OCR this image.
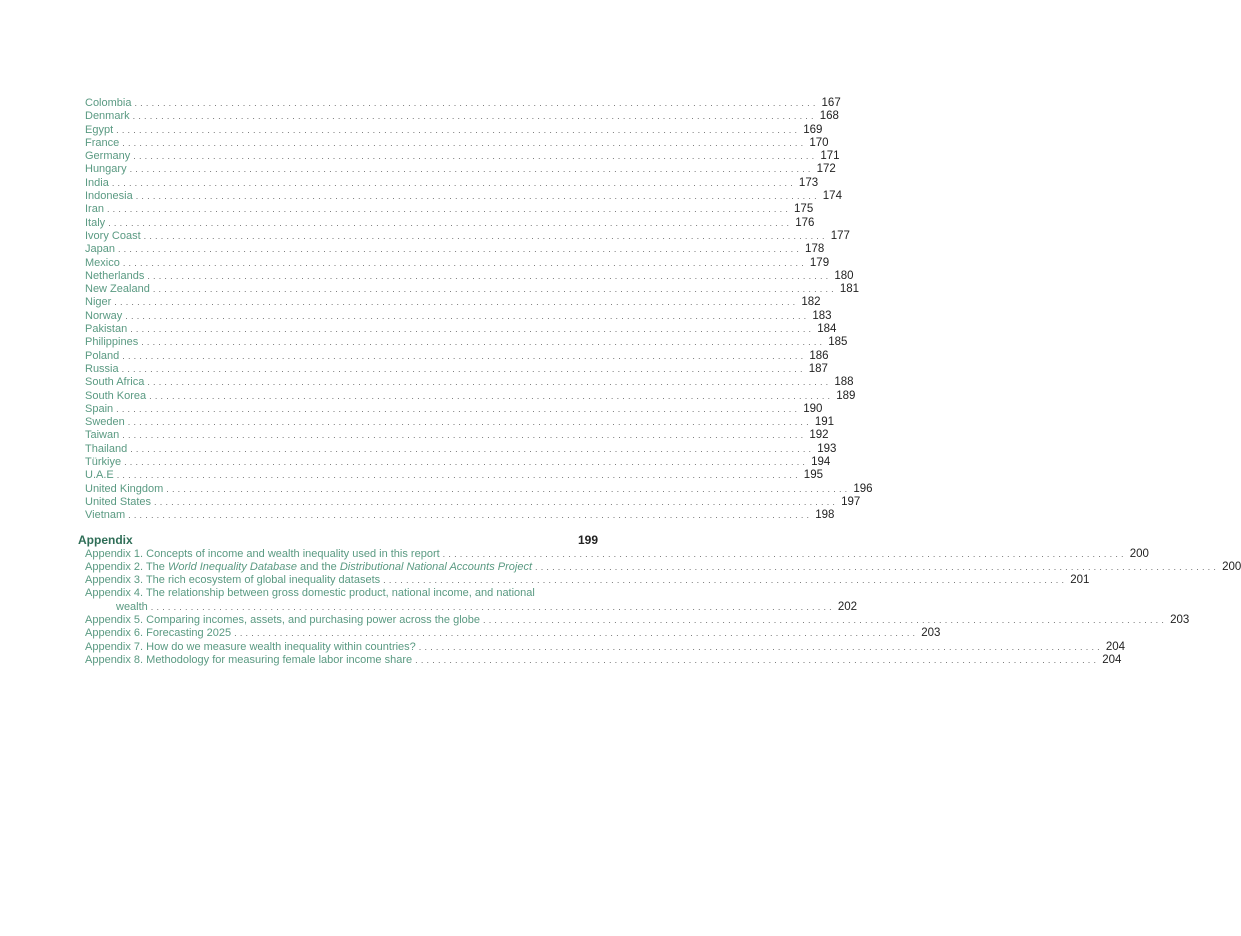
Colombia ........................................................................................................................ 167
Denmark ........................................................................................................................ 168
Egypt ........................................................................................................................ 169
France ........................................................................................................................ 170
Germany ........................................................................................................................ 171
Hungary ........................................................................................................................ 172
India ........................................................................................................................ 173
Indonesia ........................................................................................................................ 174
Iran ........................................................................................................................ 175
Italy ........................................................................................................................ 176
Ivory Coast ........................................................................................................................ 177
Japan ........................................................................................................................ 178
Mexico ........................................................................................................................ 179
Netherlands ........................................................................................................................ 180
New Zealand ........................................................................................................................ 181
Niger ........................................................................................................................ 182
Norway ........................................................................................................................ 183
Pakistan ........................................................................................................................ 184
Philippines ........................................................................................................................ 185
Poland ........................................................................................................................ 186
Russia ........................................................................................................................ 187
South Africa ........................................................................................................................ 188
South Korea ........................................................................................................................ 189
Spain ........................................................................................................................ 190
Sweden ........................................................................................................................ 191
Taiwan ........................................................................................................................ 192
Thailand ........................................................................................................................ 193
Türkiye ........................................................................................................................ 194
U.A.E ........................................................................................................................ 195
United Kingdom ........................................................................................................................ 196
United States ........................................................................................................................ 197
Vietnam ........................................................................................................................ 198
Appendix	199
Appendix 1. Concepts of income and wealth inequality used in this report ........................................................................................................................ 200
Appendix 2. The World Inequality Database and the Distributional National Accounts Project ........................................................................................................................ 200
Appendix 3. The rich ecosystem of global inequality datasets ........................................................................................................................ 201
Appendix 4. The relationship between gross domestic product, national income, and national
wealth ........................................................................................................................ 202
Appendix 5. Comparing incomes, assets, and purchasing power across the globe ........................................................................................................................ 203
Appendix 6. Forecasting 2025 ........................................................................................................................ 203
Appendix 7. How do we measure wealth inequality within countries? ........................................................................................................................ 204
Appendix 8. Methodology for measuring female labor income share ........................................................................................................................ 204
